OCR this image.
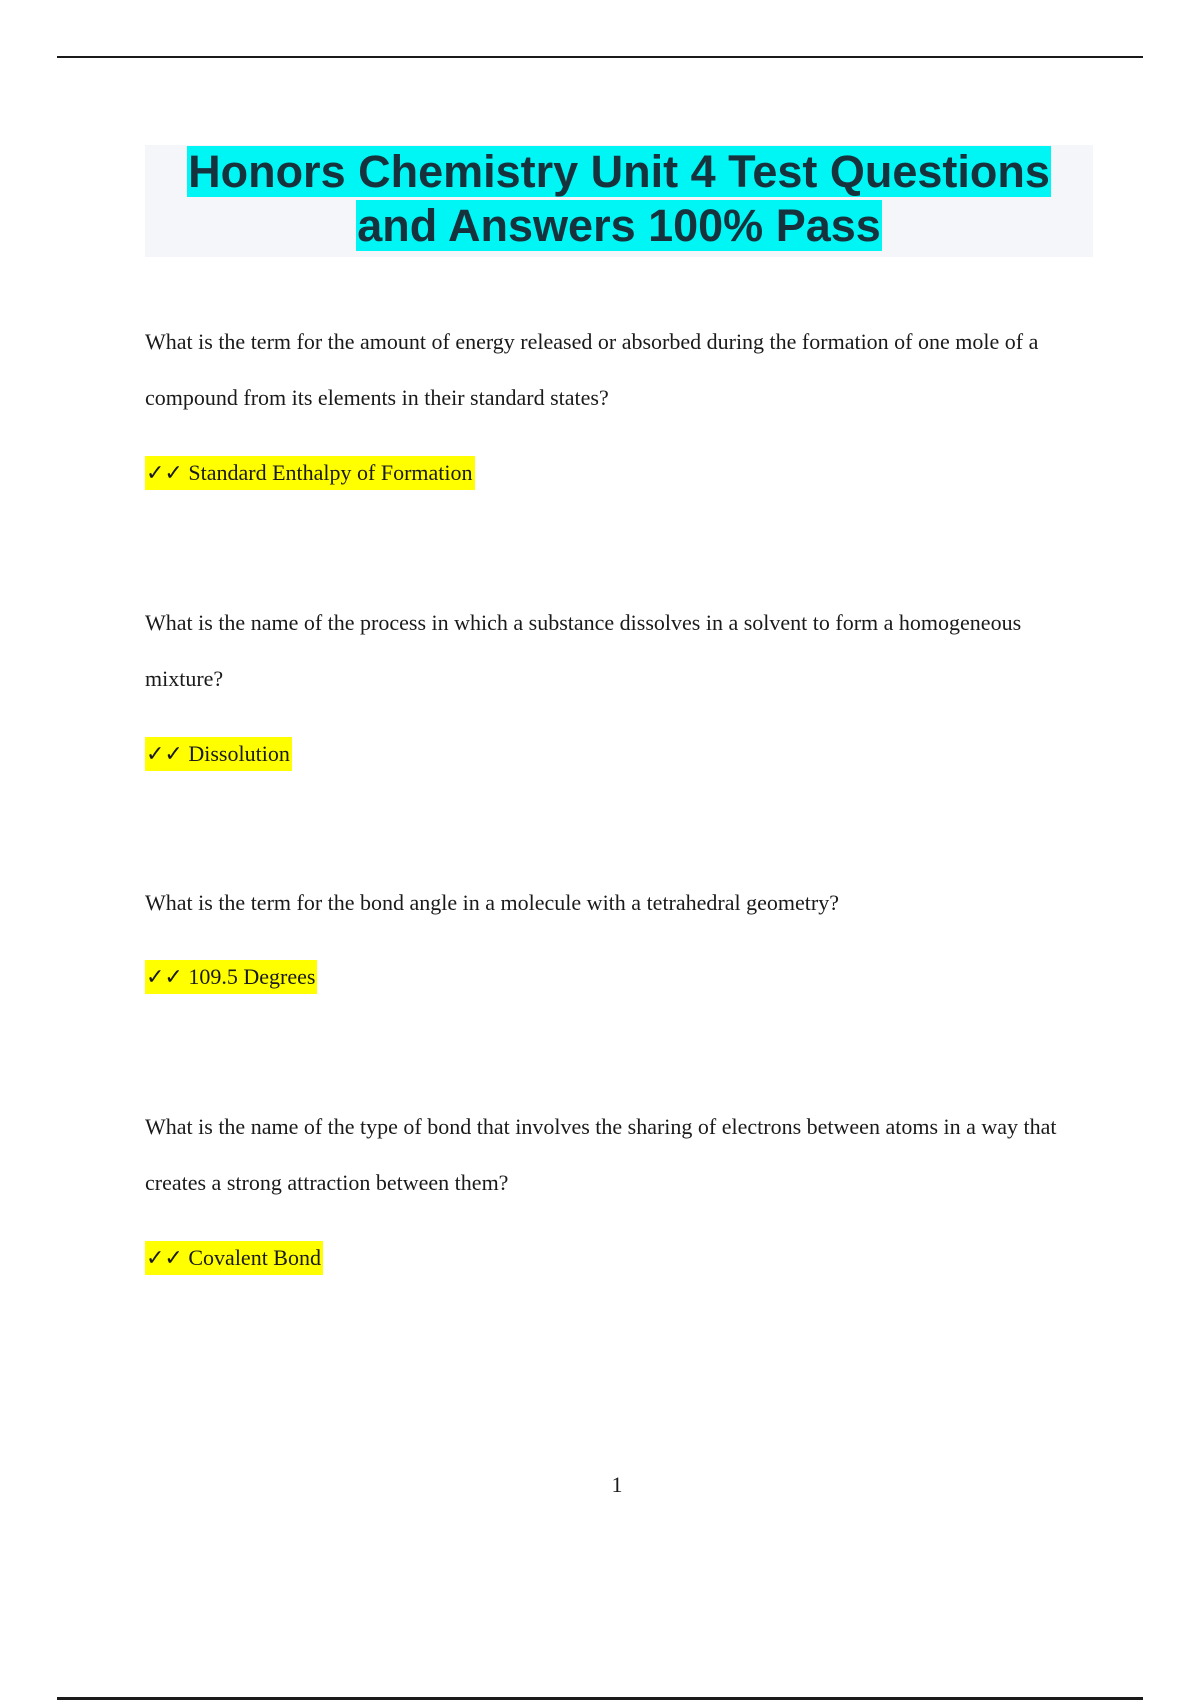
Honors Chemistry Unit 4 Test Questions
and Answers 100% Pass

What is the term for the amount of energy released or absorbed during the formation of one mole of a compound from its elements in their standard states?

✓✓ Standard Enthalpy of Formation

What is the name of the process in which a substance dissolves in a solvent to form a homogeneous mixture?

✓✓ Dissolution

What is the term for the bond angle in a molecule with a tetrahedral geometry?

✓✓ 109.5 Degrees

What is the name of the type of bond that involves the sharing of electrons between atoms in a way that creates a strong attraction between them?

✓✓ Covalent Bond

1
